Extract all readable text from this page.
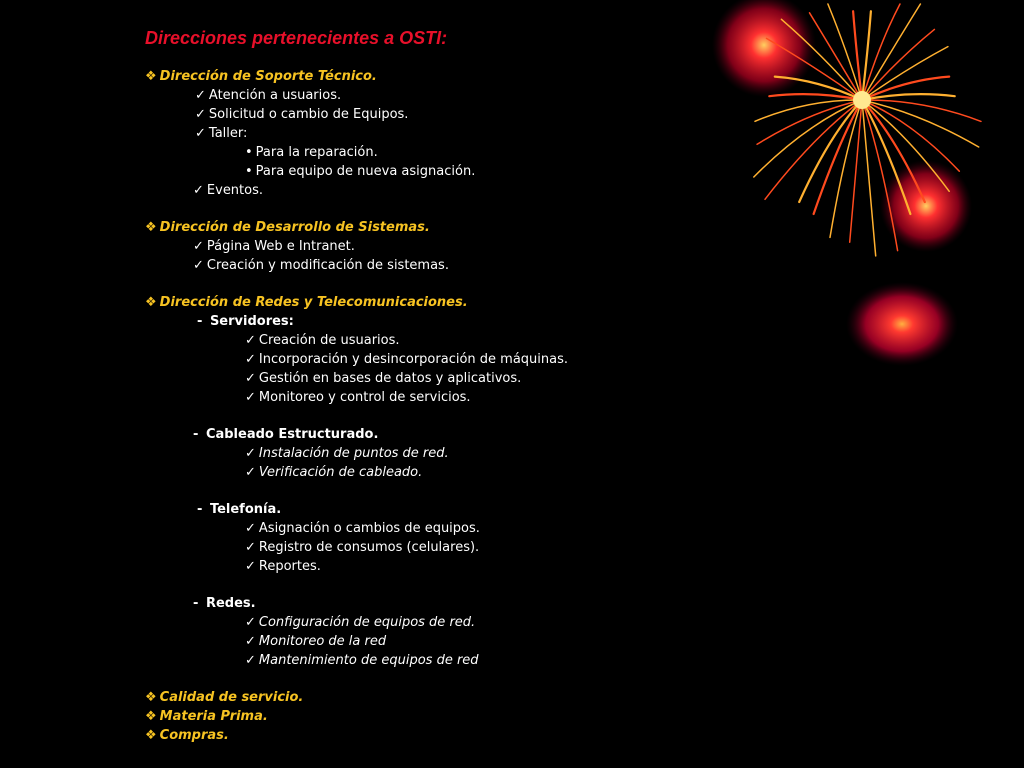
Direcciones pertenecientes a OSTI:
❖ Dirección de Soporte Técnico.
✓ Atención a usuarios.
✓ Solicitud o cambio de Equipos.
✓ Taller:
• Para la reparación.
• Para equipo de nueva asignación.
✓ Eventos.
❖ Dirección de Desarrollo de Sistemas.
✓ Página Web e Intranet.
✓ Creación y modificación de sistemas.
❖ Dirección de Redes y Telecomunicaciones.
- Servidores:
✓ Creación de usuarios.
✓ Incorporación y desincorporación de máquinas.
✓ Gestión en bases de datos y aplicativos.
✓ Monitoreo y control de servicios.
- Cableado Estructurado.
✓ Instalación de puntos de red.
✓ Verificación de cableado.
- Telefonía.
✓ Asignación o cambios de equipos.
✓ Registro de consumos (celulares).
✓ Reportes.
- Redes.
✓ Configuración de equipos de red.
✓ Monitoreo de la red
✓ Mantenimiento de equipos de red
❖ Calidad de servicio.
❖ Materia Prima.
❖ Compras.
